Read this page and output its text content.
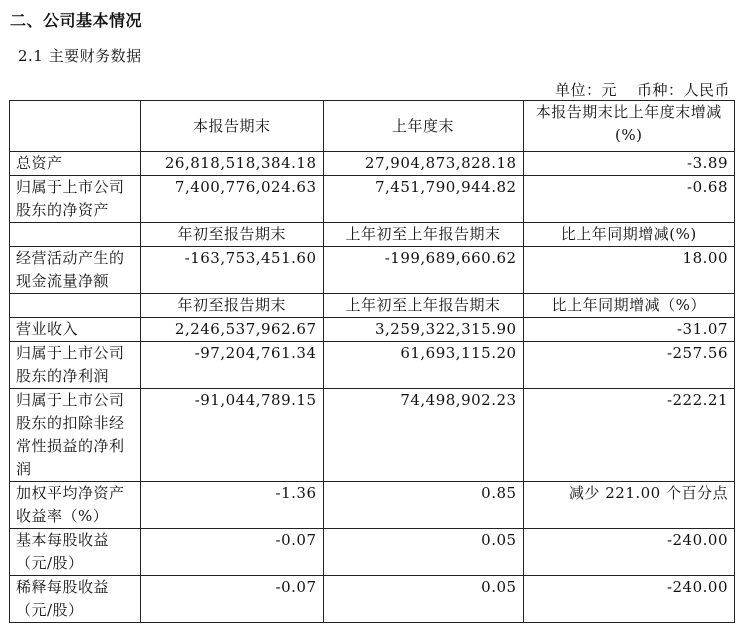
二、公司基本情况
2.1 主要财务数据
单位：元 币种：人民币
	本报告期末	上年度末	本报告期末比上年度末增减(%)
总资产	26,818,518,384.18	27,904,873,828.18	-3.89
归属于上市公司股东的净资产	7,400,776,024.63	7,451,790,944.82	-0.68
	年初至报告期末	上年初至上年报告期末	比上年同期增减(%)
经营活动产生的现金流量净额	-163,753,451.60	-199,689,660.62	18.00
	年初至报告期末	上年初至上年报告期末	比上年同期增减（%）
营业收入	2,246,537,962.67	3,259,322,315.90	-31.07
归属于上市公司股东的净利润	-97,204,761.34	61,693,115.20	-257.56
归属于上市公司股东的扣除非经常性损益的净利润	-91,044,789.15	74,498,902.23	-222.21
加权平均净资产收益率（%）	-1.36	0.85	减少 221.00 个百分点
基本每股收益（元/股）	-0.07	0.05	-240.00
稀释每股收益（元/股）	-0.07	0.05	-240.00
